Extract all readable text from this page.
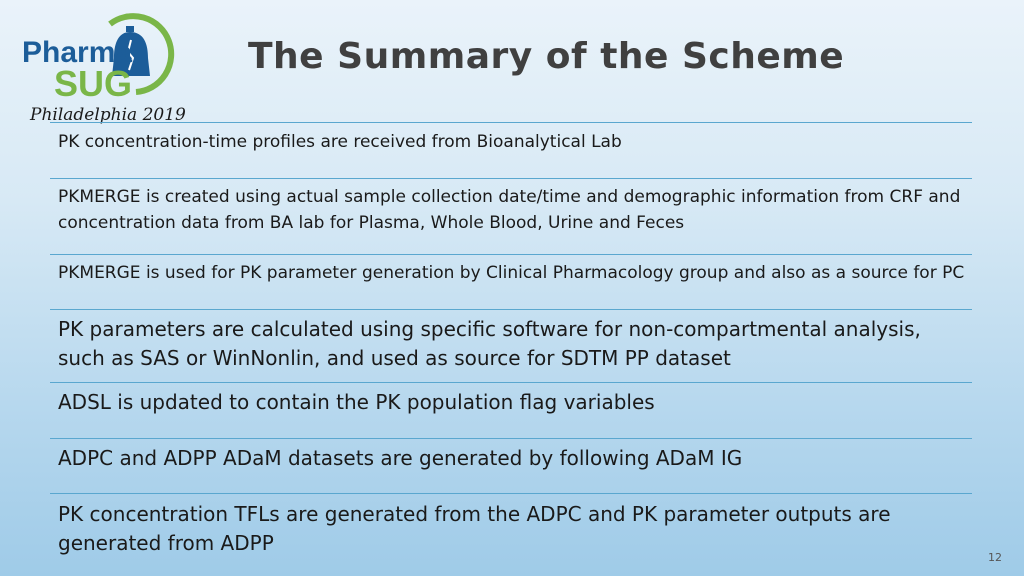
Pharma
SUG
Philadelphia 2019
The Summary of the Scheme
PK concentration-time profiles are received from Bioanalytical Lab
PKMERGE is created using actual sample collection date/time and demographic information from CRF and concentration data from BA lab for Plasma, Whole Blood, Urine and Feces
PKMERGE is used for PK parameter generation by Clinical Pharmacology group and also as a source for PC
PK parameters are calculated using specific software for non-compartmental analysis, such as SAS or WinNonlin, and used as source for SDTM PP dataset
ADSL is updated to contain the PK population flag variables
ADPC and ADPP ADaM datasets are generated by following ADaM IG
PK concentration TFLs are generated from the ADPC and PK parameter outputs are generated from ADPP
12
